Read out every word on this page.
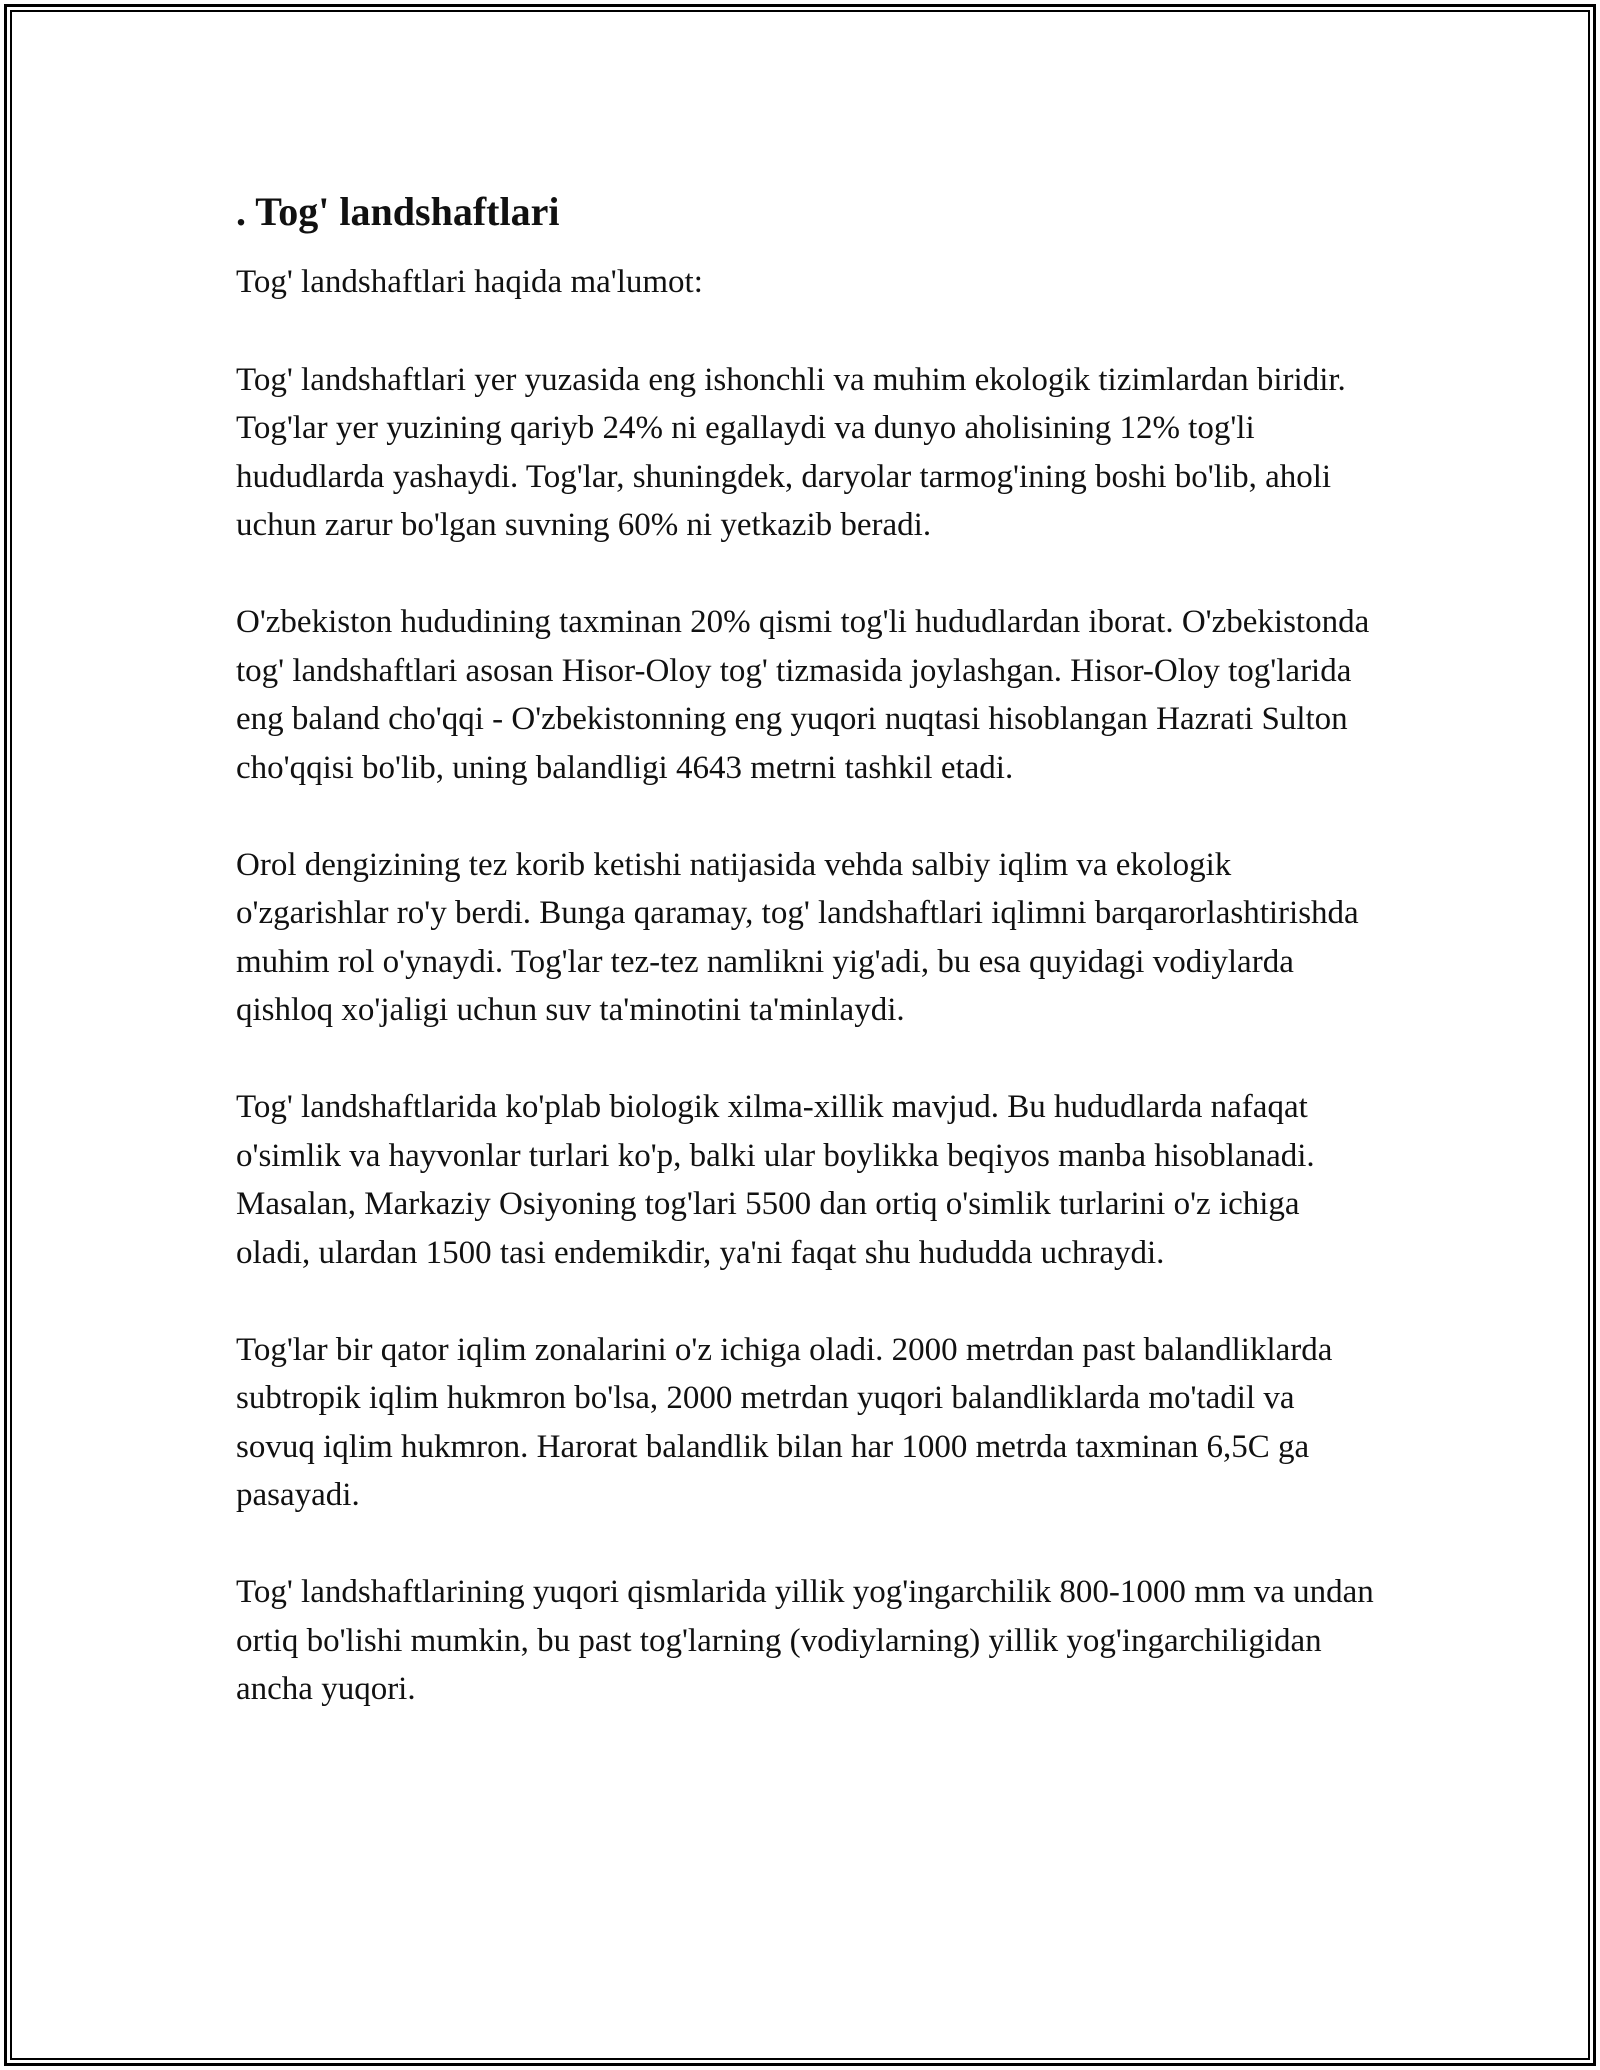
. Tog' landshaftlari

Tog' landshaftlari haqida ma'lumot:

Tog' landshaftlari yer yuzasida eng ishonchli va muhim ekologik tizimlardan biridir. Tog'lar yer yuzining qariyb 24% ni egallaydi va dunyo aholisining 12% tog'li hududlarda yashaydi. Tog'lar, shuningdek, daryolar tarmog'ining boshi bo'lib, aholi uchun zarur bo'lgan suvning 60% ni yetkazib beradi.

O'zbekiston hududining taxminan 20% qismi tog'li hududlardan iborat. O'zbekistonda tog' landshaftlari asosan Hisor-Oloy tog' tizmasida joylashgan. Hisor-Oloy tog'larida eng baland cho'qqi - O'zbekistonning eng yuqori nuqtasi hisoblangan Hazrati Sulton cho'qqisi bo'lib, uning balandligi 4643 metrni tashkil etadi.

Orol dengizining tez korib ketishi natijasida vehda salbiy iqlim va ekologik o'zgarishlar ro'y berdi. Bunga qaramay, tog' landshaftlari iqlimni barqarorlashtirishda muhim rol o'ynaydi. Tog'lar tez-tez namlikni yig'adi, bu esa quyidagi vodiylarda qishloq xo'jaligi uchun suv ta'minotini ta'minlaydi.

Tog' landshaftlarida ko'plab biologik xilma-xillik mavjud. Bu hududlarda nafaqat o'simlik va hayvonlar turlari ko'p, balki ular boylikka beqiyos manba hisoblanadi. Masalan, Markaziy Osiyoning tog'lari 5500 dan ortiq o'simlik turlarini o'z ichiga oladi, ulardan 1500 tasi endemikdir, ya'ni faqat shu hududda uchraydi.

Tog'lar bir qator iqlim zonalarini o'z ichiga oladi. 2000 metrdan past balandliklarda subtropik iqlim hukmron bo'lsa, 2000 metrdan yuqori balandliklarda mo'tadil va sovuq iqlim hukmron. Harorat balandlik bilan har 1000 metrda taxminan 6,5C ga pasayadi.

Tog' landshaftlarining yuqori qismlarida yillik yog'ingarchilik 800-1000 mm va undan ortiq bo'lishi mumkin, bu past tog'larning (vodiylarning) yillik yog'ingarchiligidan ancha yuqori.
